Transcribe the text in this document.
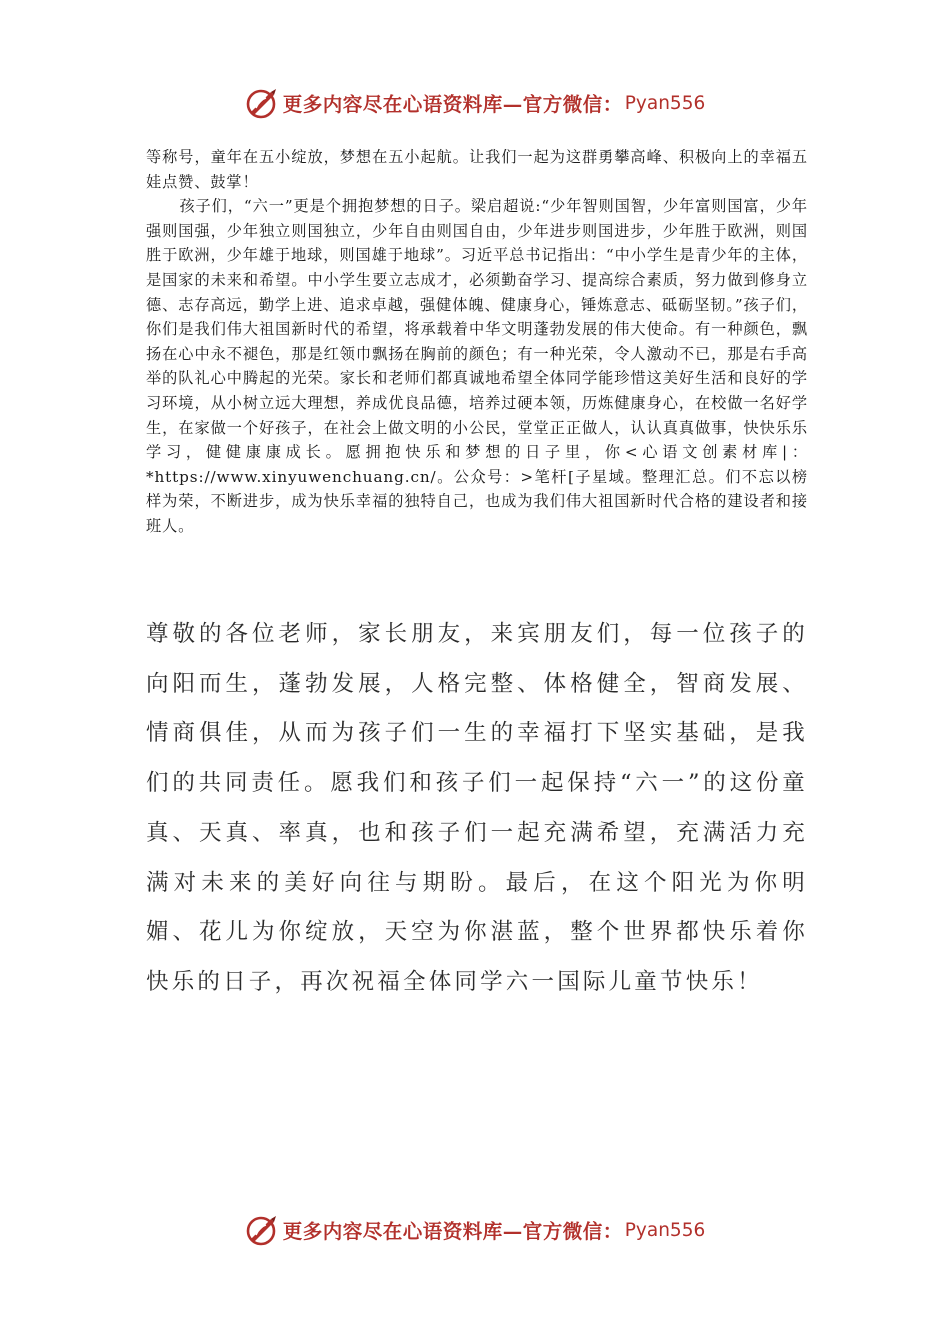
更多内容尽在心语资料库—官方微信： Pyan556

等称号，童年在五小绽放，梦想在五小起航。让我们一起为这群勇攀高峰、积极向上的幸福五娃点赞、鼓掌！

孩子们，“六一”更是个拥抱梦想的日子。梁启超说:“少年智则国智，少年富则国富，少年强则国强，少年独立则国独立，少年自由则国自由，少年进步则国进步，少年胜于欧洲，则国胜于欧洲，少年雄于地球，则国雄于地球”。习近平总书记指出：“中小学生是青少年的主体，是国家的未来和希望。中小学生要立志成才，必须勤奋学习、提高综合素质，努力做到修身立德、志存高远，勤学上进、追求卓越，强健体魄、健康身心，锤炼意志、砥砺坚韧。”孩子们，你们是我们伟大祖国新时代的希望，将承载着中华文明蓬勃发展的伟大使命。有一种颜色，飘扬在心中永不褪色，那是红领巾飘扬在胸前的颜色；有一种光荣，令人激动不已，那是右手高举的队礼心中腾起的光荣。家长和老师们都真诚地希望全体同学能珍惜这美好生活和良好的学习环境，从小树立远大理想，养成优良品德，培养过硬本领，历炼健康身心，在校做一名好学生，在家做一个好孩子，在社会上做文明的小公民，堂堂正正做人，认认真真做事，快快乐乐学习，健健康康成长。愿拥抱快乐和梦想的日子里，你<心语文创素材库|：*https://www.xinyuwenchuang.cn/。公众号：>笔杆[子星域。整理汇总。们不忘以榜样为荣，不断进步，成为快乐幸福的独特自己，也成为我们伟大祖国新时代合格的建设者和接班人。

尊敬的各位老师，家长朋友，来宾朋友们，每一位孩子的向阳而生，蓬勃发展，人格完整、体格健全，智商发展、情商俱佳，从而为孩子们一生的幸福打下坚实基础，是我们的共同责任。愿我们和孩子们一起保持“六一”的这份童真、天真、率真，也和孩子们一起充满希望，充满活力充满对未来的美好向往与期盼。最后，在这个阳光为你明媚、花儿为你绽放，天空为你湛蓝，整个世界都快乐着你快乐的日子，再次祝福全体同学六一国际儿童节快乐！

更多内容尽在心语资料库—官方微信： Pyan556
